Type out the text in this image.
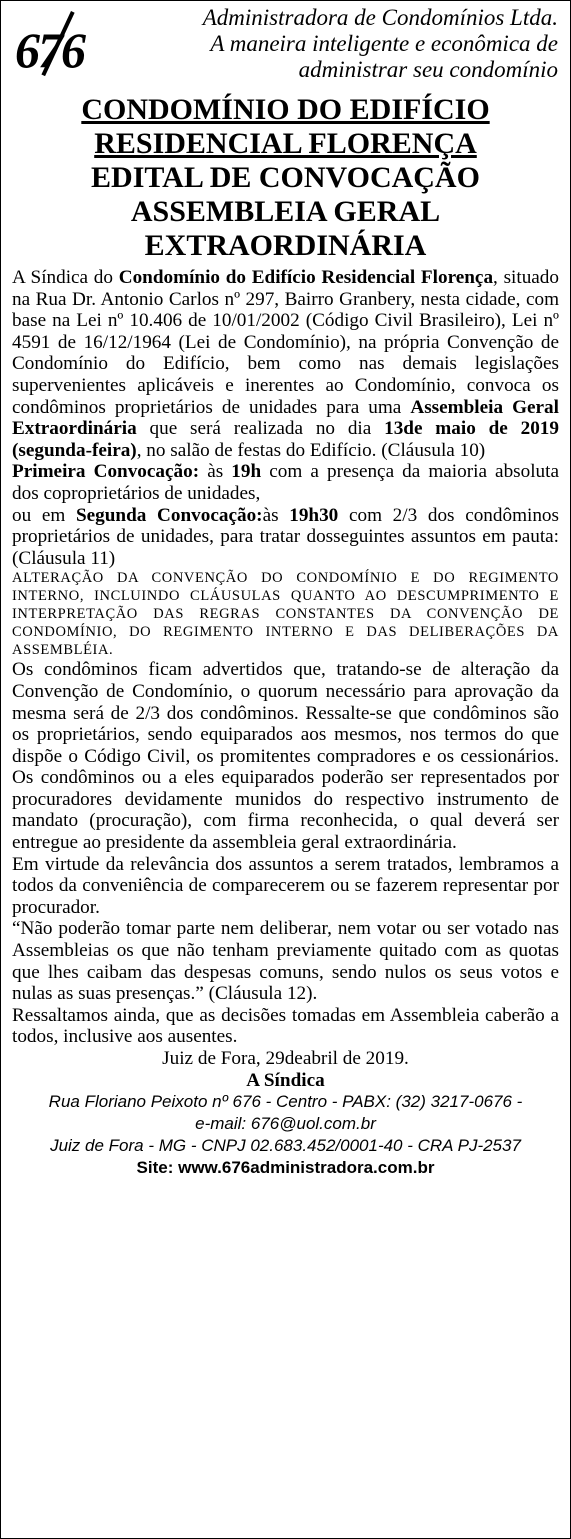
676
Administradora de Condomínios Ltda.
A maneira inteligente e econômica de
administrar seu condomínio
CONDOMÍNIO DO EDIFÍCIO
RESIDENCIAL FLORENÇA
EDITAL DE CONVOCAÇÃO
ASSEMBLEIA GERAL
EXTRAORDINÁRIA

A Síndica do Condomínio do Edifício Residencial Florença, situado na Rua Dr. Antonio Carlos nº 297, Bairro Granbery, nesta cidade, com base na Lei nº 10.406 de 10/01/2002 (Código Civil Brasileiro), Lei nº 4591 de 16/12/1964 (Lei de Condomínio), na própria Convenção de Condomínio do Edifício, bem como nas demais legislações supervenientes aplicáveis e inerentes ao Condomínio, convoca os condôminos proprietários de unidades para uma Assembleia Geral Extraordinária que será realizada no dia 13de maio de 2019 (segunda-feira), no salão de festas do Edifício. (Cláusula 10)

Primeira Convocação: às 19h com a presença da maioria absoluta dos coproprietários de unidades,

ou em Segunda Convocação:às 19h30 com 2/3 dos condôminos proprietários de unidades, para tratar dosseguintes assuntos em pauta: (Cláusula 11)

ALTERAÇÃO DA CONVENÇÃO DO CONDOMÍNIO E DO REGIMENTO INTERNO, INCLUINDO CLÁUSULAS QUANTO AO DESCUMPRIMENTO E INTERPRETAÇÃO DAS REGRAS CONSTANTES DA CONVENÇÃO DE CONDOMÍNIO, DO REGIMENTO INTERNO E DAS DELIBERAÇÕES DA ASSEMBLÉIA.

Os condôminos ficam advertidos que, tratando-se de alteração da Convenção de Condomínio, o quorum necessário para aprovação da mesma será de 2/3 dos condôminos. Ressalte-se que condôminos são os proprietários, sendo equiparados aos mesmos, nos termos do que dispõe o Código Civil, os promitentes compradores e os cessionários. Os condôminos ou a eles equiparados poderão ser representados por procuradores devidamente munidos do respectivo instrumento de mandato (procuração), com firma reconhecida, o qual deverá ser entregue ao presidente da assembleia geral extraordinária.

Em virtude da relevância dos assuntos a serem tratados, lembramos a todos da conveniência de comparecerem ou se fazerem representar por procurador.

“Não poderão tomar parte nem deliberar, nem votar ou ser votado nas Assembleias os que não tenham previamente quitado com as quotas que lhes caibam das despesas comuns, sendo nulos os seus votos e nulas as suas presenças.” (Cláusula 12).

Ressaltamos ainda, que as decisões tomadas em Assembleia caberão a todos, inclusive aos ausentes.

Juiz de Fora, 29deabril de 2019.

A Síndica

Rua Floriano Peixoto nº 676 - Centro - PABX: (32) 3217-0676 -
e-mail: 676@uol.com.br
Juiz de Fora - MG - CNPJ 02.683.452/0001-40 - CRA PJ-2537
Site: www.676administradora.com.br
